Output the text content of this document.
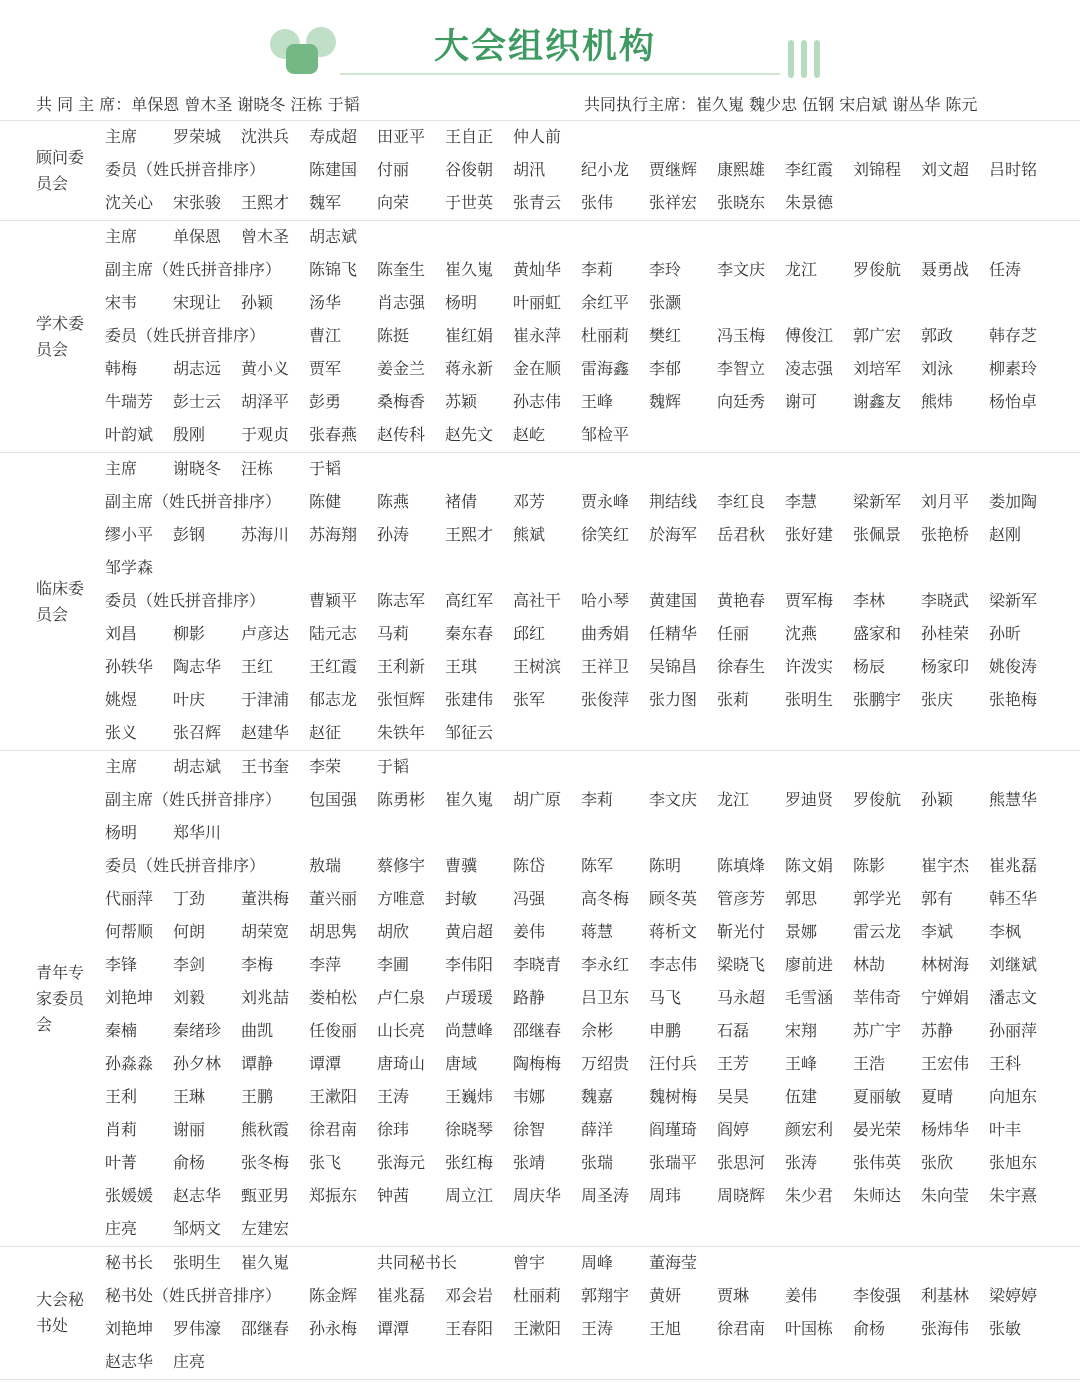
大会组织机构
共 同 主 席：单保恩 曾木圣 谢晓冬 汪栋 于韬	共同执行主席：崔久嵬 魏少忠 伍钢 宋启斌 谢丛华 陈元
顾问委员会
主席 罗荣城 沈洪兵 寿成超 田亚平 王自正 仲人前
委员（姓氏拼音排序）	陈建国 付丽 谷俊朝 胡汛 纪小龙 贾继辉 康熙雄 李红霞 刘锦程 刘文超 吕时铭
沈关心 宋张骏 王熙才 魏军 向荣 于世英 张青云 张伟 张祥宏 张晓东 朱景德
学术委员会
主席 单保恩 曾木圣 胡志斌
副主席（姓氏拼音排序） 陈锦飞 陈奎生 崔久嵬 黄灿华 李莉 李玲 李文庆 龙江 罗俊航 聂勇战 任涛
宋韦 宋现让 孙颖 汤华 肖志强 杨明 叶丽虹 余红平 张灏
委员（姓氏拼音排序）	曹江 陈挺 崔红娟 崔永萍 杜丽莉 樊红 冯玉梅 傅俊江 郭广宏 郭政 韩存芝
韩梅 胡志远 黄小义 贾军 姜金兰 蒋永新 金在顺 雷海鑫 李郁 李智立 凌志强 刘培军 刘泳 柳素玲
牛瑞芳 彭士云 胡泽平 彭勇 桑梅香 苏颖 孙志伟 王峰 魏辉 向廷秀 谢可 谢鑫友 熊炜 杨怡卓
叶韵斌 殷刚 于观贞 张春燕 赵传科 赵先文 赵屹 邹检平
临床委员会
主席 谢晓冬 汪栋 于韬
副主席（姓氏拼音排序） 陈健 陈燕 褚倩 邓芳 贾永峰 荆结线 李红良 李慧 梁新军 刘月平 娄加陶
缪小平 彭钢 苏海川 苏海翔 孙涛 王熙才 熊斌 徐笑红 於海军 岳君秋 张好建 张佩景 张艳桥 赵刚
邹学森
委员（姓氏拼音排序）	曹颖平 陈志军 高红军 高社干 哈小琴 黄建国 黄艳春 贾军梅 李林 李晓武 梁新军
刘昌 柳影 卢彦达 陆元志 马莉 秦东春 邱红 曲秀娟 任精华 任丽 沈燕 盛家和 孙桂荣 孙昕
孙轶华 陶志华 王红 王红霞 王利新 王琪 王树滨 王祥卫 吴锦昌 徐春生 许泼实 杨辰 杨家印 姚俊涛
姚煜 叶庆 于津浦 郁志龙 张恒辉 张建伟 张军 张俊萍 张力图 张莉 张明生 张鹏宇 张庆 张艳梅
张义 张召辉 赵建华 赵征 朱铁年 邹征云
青年专家委员会
主席 胡志斌 王书奎 李荣 于韬
副主席（姓氏拼音排序） 包国强 陈勇彬 崔久嵬 胡广原 李莉 李文庆 龙江 罗迪贤 罗俊航 孙颖 熊慧华
杨明 郑华川
委员（姓氏拼音排序）	敖瑞 蔡修宇 曹骥 陈岱 陈军 陈明 陈填烽 陈文娟 陈影 崔宇杰 崔兆磊
代丽萍 丁劲 董洪梅 董兴丽 方唯意 封敏 冯强 高冬梅 顾冬英 管彦芳 郭思 郭学光 郭有 韩丕华
何帮顺 何朗 胡荣宽 胡思隽 胡欣 黄启超 姜伟 蒋慧 蒋析文 靳光付 景娜 雷云龙 李斌 李枫
李锋 李剑 李梅 李萍 李圃 李伟阳 李晓青 李永红 李志伟 梁晓飞 廖前进 林劼 林树海 刘继斌
刘艳坤 刘毅 刘兆喆 娄柏松 卢仁泉 卢瑗瑗 路静 吕卫东 马飞 马永超 毛雪涵 莘伟奇 宁婵娟 潘志文
秦楠 秦绪珍 曲凯 任俊丽 山长亮 尚慧峰 邵继春 佘彬 申鹏 石磊 宋翔 苏广宇 苏静 孙丽萍
孙淼淼 孙夕林 谭静 谭潭 唐琦山 唐域 陶梅梅 万绍贵 汪付兵 王芳 王峰 王浩 王宏伟 王科
王利 王琳 王鹏 王漱阳 王涛 王巍炜 韦娜 魏嘉 魏树梅 吴昊 伍建 夏丽敏 夏晴 向旭东
肖莉 谢丽 熊秋霞 徐君南 徐玮 徐晓琴 徐智 薛洋 阎瑾琦 阎婷 颜宏利 晏光荣 杨炜华 叶丰
叶菁 俞杨 张冬梅 张飞 张海元 张红梅 张靖 张瑞 张瑞平 张思河 张涛 张伟英 张欣 张旭东
张媛媛 赵志华 甄亚男 郑振东 钟茜 周立江 周庆华 周圣涛 周玮 周晓辉 朱少君 朱师达 朱向莹 朱宇熹
庄亮 邹炳文 左建宏
大会秘书处
秘书长 张明生 崔久嵬	共同秘书长	曾宇 周峰 董海莹
秘书处（姓氏拼音排序） 陈金辉 崔兆磊 邓会岩 杜丽莉 郭翔宇 黄妍 贾琳 姜伟 李俊强 利基林 梁婷婷
刘艳坤 罗伟濠 邵继春 孙永梅 谭潭 王春阳 王漱阳 王涛 王旭 徐君南 叶国栋 俞杨 张海伟 张敏
赵志华 庄亮
